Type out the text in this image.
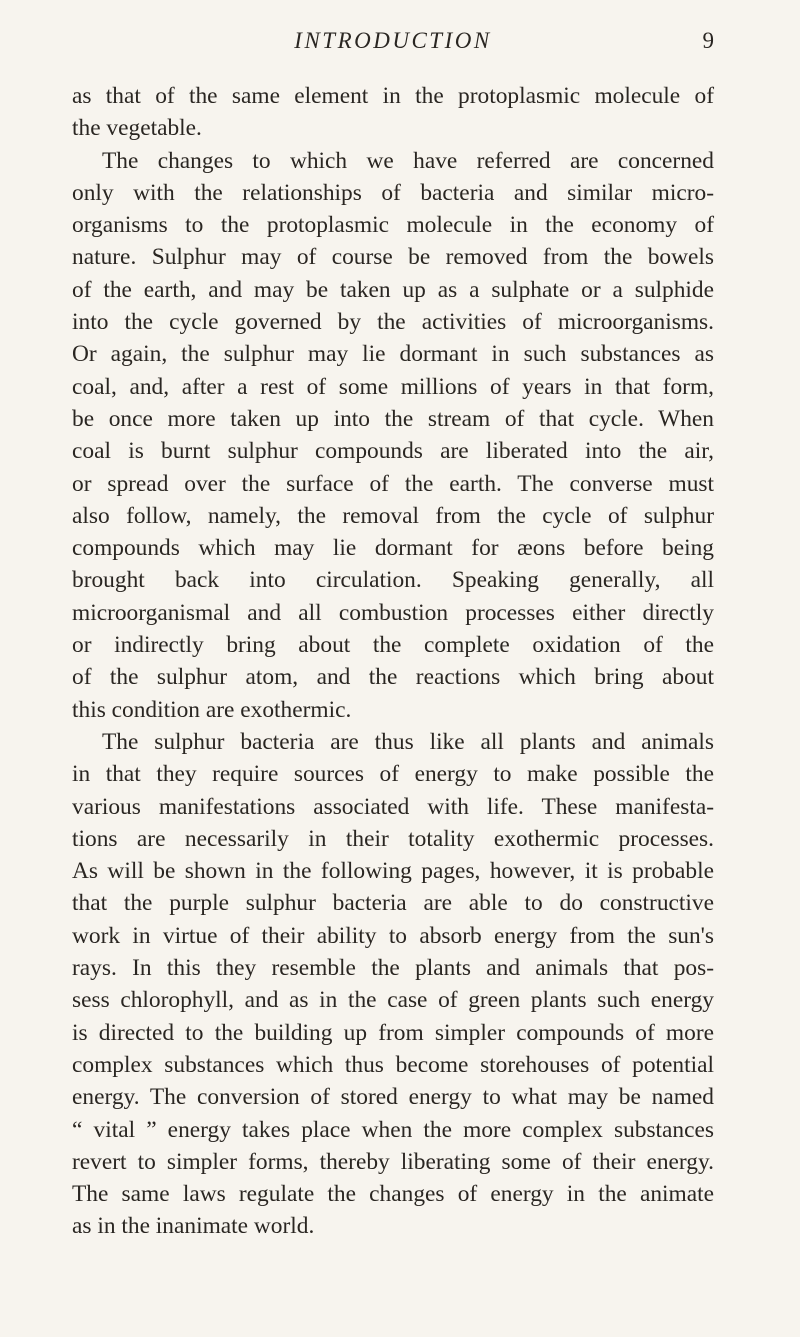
INTRODUCTION	9
as that of the same element in the protoplasmic molecule of
the vegetable.
The changes to which we have referred are concerned
only with the relationships of bacteria and similar micro-
organisms to the protoplasmic molecule in the economy of
nature. Sulphur may of course be removed from the bowels
of the earth, and may be taken up as a sulphate or a sulphide
into the cycle governed by the activities of microorganisms.
Or again, the sulphur may lie dormant in such substances as
coal, and, after a rest of some millions of years in that form,
be once more taken up into the stream of that cycle. When
coal is burnt sulphur compounds are liberated into the air,
or spread over the surface of the earth. The converse must
also follow, namely, the removal from the cycle of sulphur
compounds which may lie dormant for æons before being
brought back into circulation. Speaking generally, all
microorganismal and all combustion processes either directly
or indirectly bring about the complete oxidation of the
of the sulphur atom, and the reactions which bring about
this condition are exothermic.
The sulphur bacteria are thus like all plants and animals
in that they require sources of energy to make possible the
various manifestations associated with life. These manifesta-
tions are necessarily in their totality exothermic processes.
As will be shown in the following pages, however, it is probable
that the purple sulphur bacteria are able to do constructive
work in virtue of their ability to absorb energy from the sun's
rays. In this they resemble the plants and animals that pos-
sess chlorophyll, and as in the case of green plants such energy
is directed to the building up from simpler compounds of more
complex substances which thus become storehouses of potential
energy. The conversion of stored energy to what may be named
“ vital ” energy takes place when the more complex substances
revert to simpler forms, thereby liberating some of their energy.
The same laws regulate the changes of energy in the animate
as in the inanimate world.
